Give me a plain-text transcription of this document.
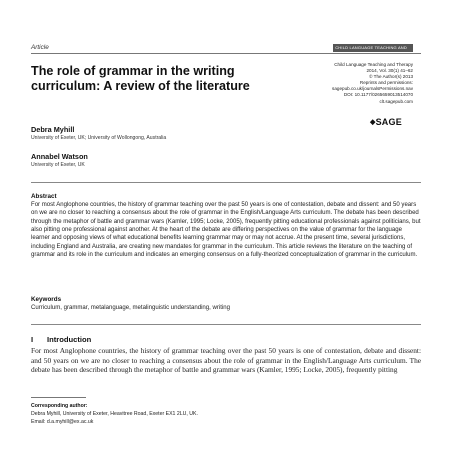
Article	CHILD LANGUAGE TEACHING AND THERAPY
The role of grammar in the writing curriculum: A review of the literature
Child Language Teaching and Therapy
2014, Vol. 30(1) 41–62
© The Author(s) 2013
Reprints and permissions:
sagepub.co.uk/journalsPermissions.nav
DOI: 10.1177/0265659013514070
clt.sagepub.com
◆SAGE
Debra Myhill
University of Exeter, UK; University of Wollongong, Australia
Annabel Watson
University of Exeter, UK
Abstract

For most Anglophone countries, the history of grammar teaching over the past 50 years is one of contestation, debate and dissent: and 50 years on we are no closer to reaching a consensus about the role of grammar in the English/Language Arts curriculum. The debate has been described through the metaphor of battle and grammar wars (Kamler, 1995; Locke, 2005), frequently pitting educational professionals against politicians, but also pitting one professional against another. At the heart of the debate are differing perspectives on the value of grammar for the language learner and opposing views of what educational benefits learning grammar may or may not accrue. At the present time, several jurisdictions, including England and Australia, are creating new mandates for grammar in the curriculum. This article reviews the literature on the teaching of grammar and its role in the curriculum and indicates an emerging consensus on a fully-theorized conceptualization of grammar in the curriculum.

Keywords
Curriculum, grammar, metalanguage, metalinguistic understanding, writing
I Introduction

For most Anglophone countries, the history of grammar teaching over the past 50 years is one of contestation, debate and dissent: and 50 years on we are no closer to reaching a consensus about the role of grammar in the English/Language Arts curriculum. The debate has been described through the metaphor of battle and grammar wars (Kamler, 1995; Locke, 2005), frequently pitting

Corresponding author:
Debra Myhill, University of Exeter, Heavitree Road, Exeter EX1 2LU, UK.
Email: d.a.myhill@ex.ac.uk
